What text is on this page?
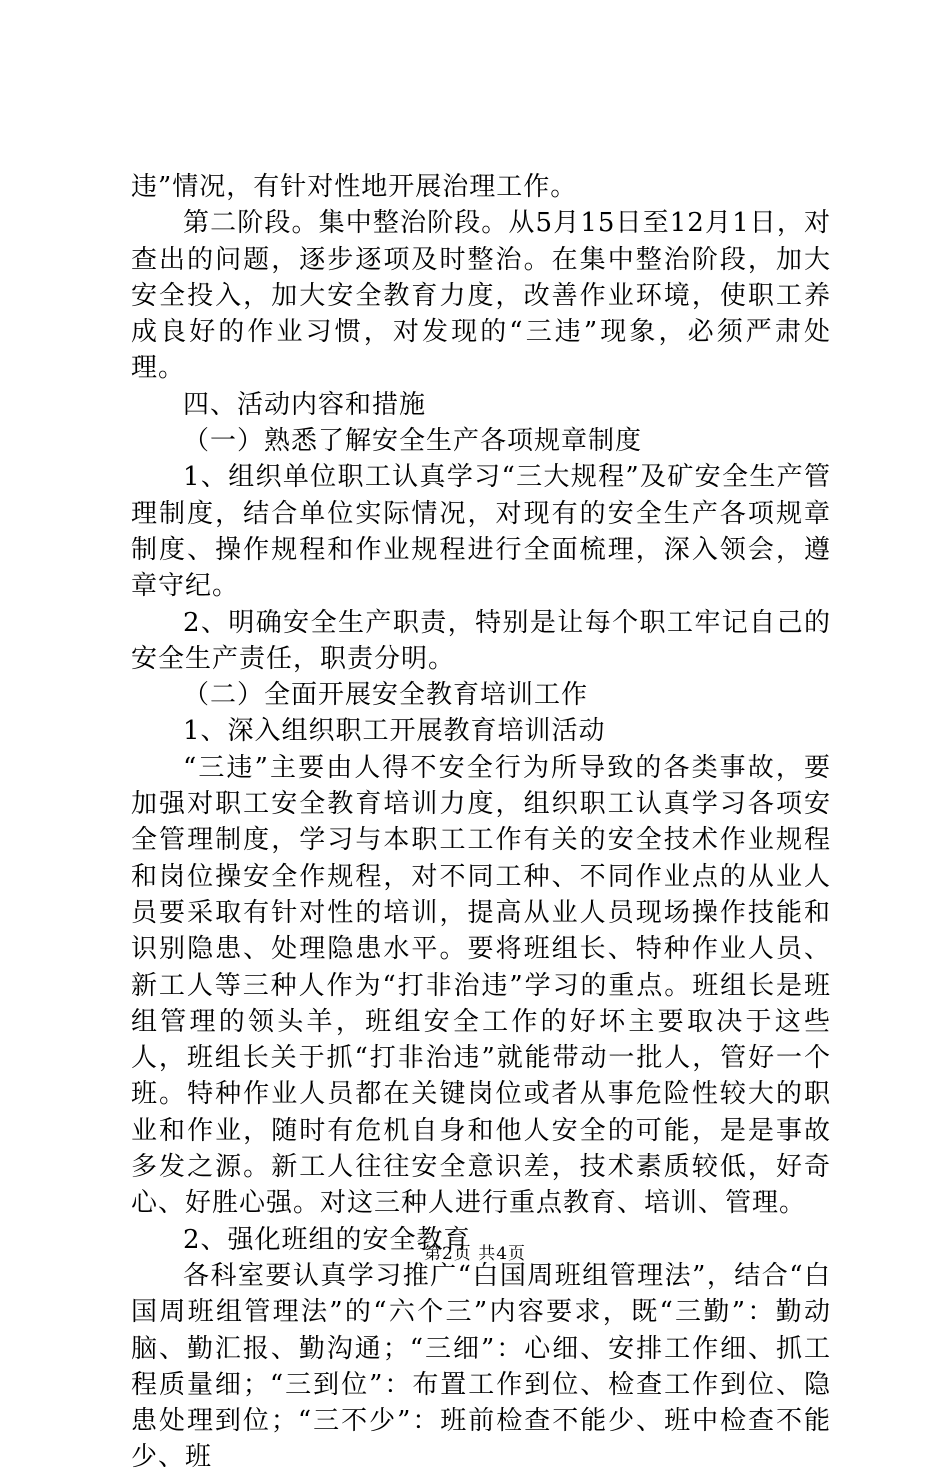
违”情况，有针对性地开展治理工作。

第二阶段。集中整治阶段。从5月15日至12月1日，对查出的问题，逐步逐项及时整治。在集中整治阶段，加大安全投入，加大安全教育力度，改善作业环境，使职工养成良好的作业习惯，对发现的“三违”现象，必须严肃处理。

四、活动内容和措施

（一）熟悉了解安全生产各项规章制度

1、组织单位职工认真学习“三大规程”及矿安全生产管理制度，结合单位实际情况，对现有的安全生产各项规章制度、操作规程和作业规程进行全面梳理，深入领会，遵章守纪。

2、明确安全生产职责，特别是让每个职工牢记自己的安全生产责任，职责分明。

（二）全面开展安全教育培训工作

1、深入组织职工开展教育培训活动

“三违”主要由人得不安全行为所导致的各类事故，要加强对职工安全教育培训力度，组织职工认真学习各项安全管理制度，学习与本职工工作有关的安全技术作业规程和岗位操安全作规程，对不同工种、不同作业点的从业人员要采取有针对性的培训，提高从业人员现场操作技能和识别隐患、处理隐患水平。要将班组长、特种作业人员、新工人等三种人作为“打非治违”学习的重点。班组长是班组管理的领头羊，班组安全工作的好坏主要取决于这些人，班组长关于抓“打非治违”就能带动一批人，管好一个班。特种作业人员都在关键岗位或者从事危险性较大的职业和作业，随时有危机自身和他人安全的可能，是是事故多发之源。新工人往往安全意识差，技术素质较低，好奇心、好胜心强。对这三种人进行重点教育、培训、管理。

2、强化班组的安全教育

各科室要认真学习推广“白国周班组管理法”，结合“白国周班组管理法”的“六个三”内容要求，既“三勤”：勤动脑、勤汇报、勤沟通；“三细”：心细、安排工作细、抓工程质量细；“三到位”：布置工作到位、检查工作到位、隐患处理到位；“三不少”：班前检查不能少、班中检查不能少、班

第2页 共4页
